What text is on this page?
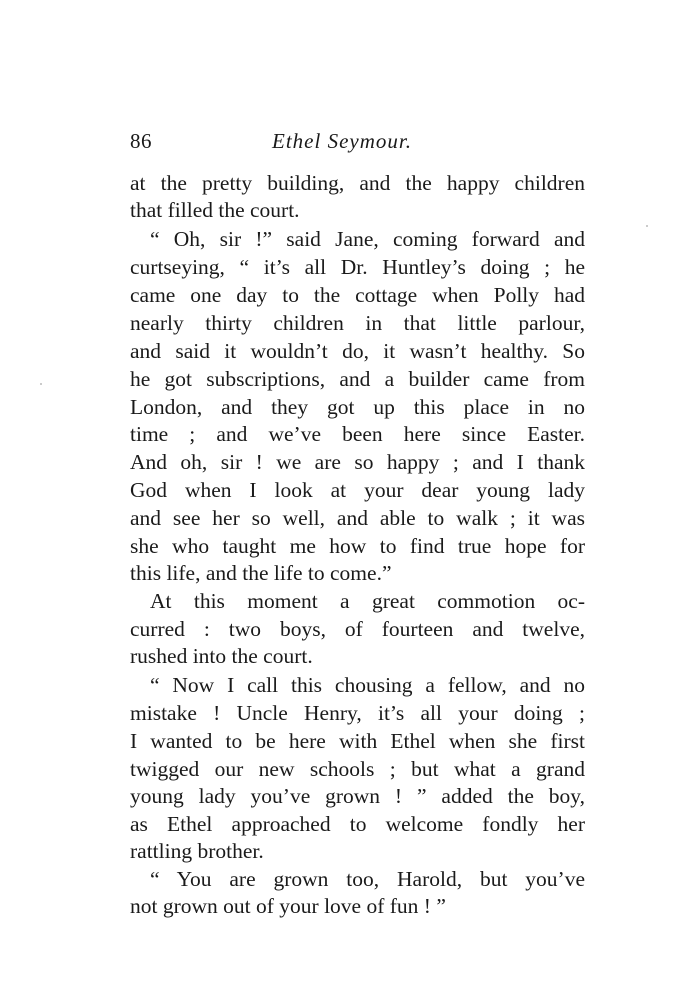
86	Ethel Seymour.
at the pretty building, and the happy children
that filled the court.
“ Oh, sir !” said Jane, coming forward and
curtseying, “ it’s all Dr. Huntley’s doing ; he
came one day to the cottage when Polly had
nearly thirty children in that little parlour,
and said it wouldn’t do, it wasn’t healthy. So
he got subscriptions, and a builder came from
London, and they got up this place in no
time ; and we’ve been here since Easter.
And oh, sir ! we are so happy ; and I thank
God when I look at your dear young lady
and see her so well, and able to walk ; it was
she who taught me how to find true hope for
this life, and the life to come.”
At this moment a great commotion oc-
curred : two boys, of fourteen and twelve,
rushed into the court.
“ Now I call this chousing a fellow, and no
mistake ! Uncle Henry, it’s all your doing ;
I wanted to be here with Ethel when she first
twigged our new schools ; but what a grand
young lady you’ve grown ! ” added the boy,
as Ethel approached to welcome fondly her
rattling brother.
“ You are grown too, Harold, but you’ve
not grown out of your love of fun ! ”
